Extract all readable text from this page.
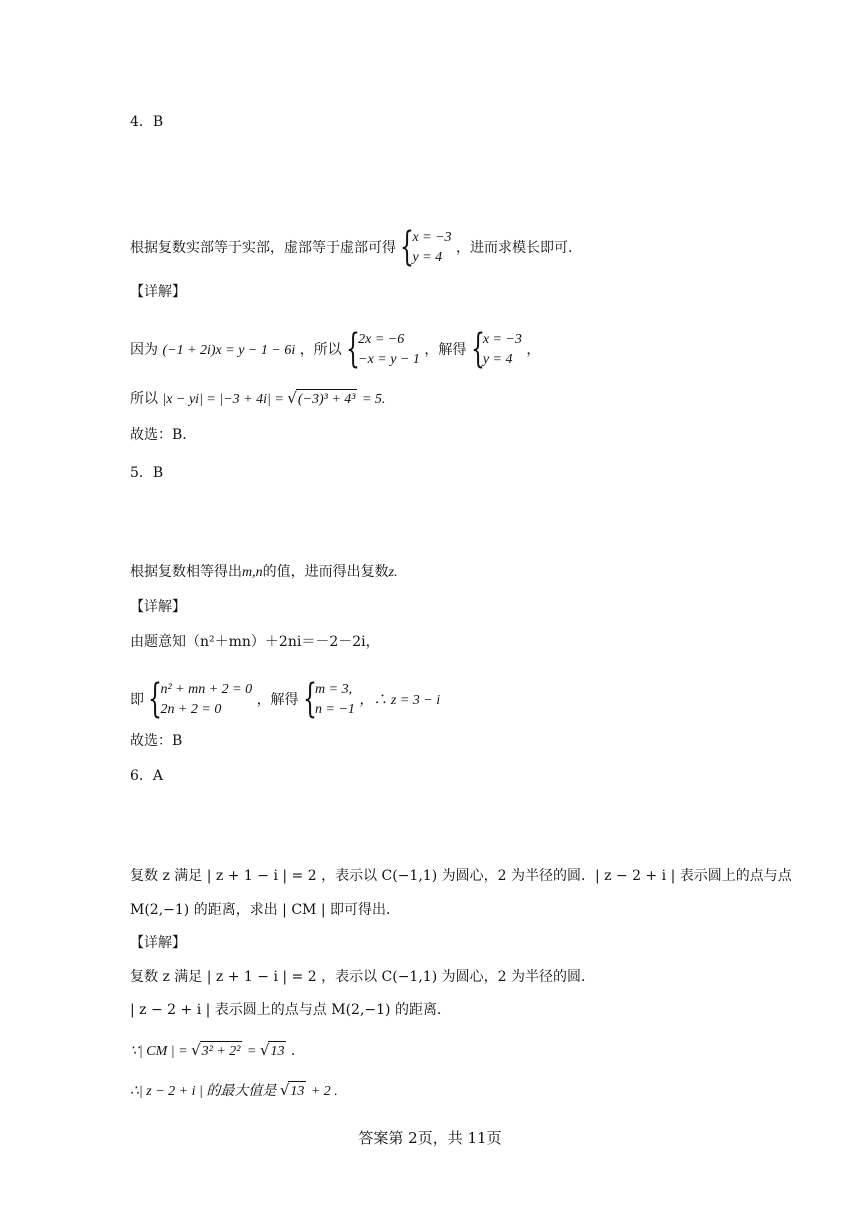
4．B
根据复数实部等于实部，虚部等于虚部可得 {
x = −3
y = 4
，进而求模长即可.
【详解】
因为 (−1 + 2i)x = y − 1 − 6i ，所以 {
2x = −6
−x = y − 1
，解得 {
x = −3
y = 4
，
所以 |x − yi| = |−3 + 4i| = √(−3)³ + 4³ = 5.
故选：B.
5．B
根据复数相等得出m,n的值，进而得出复数z.
【详解】
由题意知（n²＋mn）＋2ni＝－2－2i，
即 {
n² + mn + 2 = 0
2n + 2 = 0
，解得 {
m = 3,
n = −1
，∴ z = 3 − i
故选：B
6．A
复数 z 满足 | z + 1 − i | = 2 ，表示以 C(−1,1) 为圆心，2 为半径的圆．| z − 2 + i | 表示圆上的点与点
M(2,−1) 的距离，求出 | CM | 即可得出．
【详解】
复数 z 满足 | z + 1 − i | = 2 ，表示以 C(−1,1) 为圆心，2 为半径的圆．
| z − 2 + i | 表示圆上的点与点 M(2,−1) 的距离．
∵| CM | = √3² + 2² = √13 .
∴| z − 2 + i | 的最大值是 √13 + 2 .
答案第 2页，共 11页
